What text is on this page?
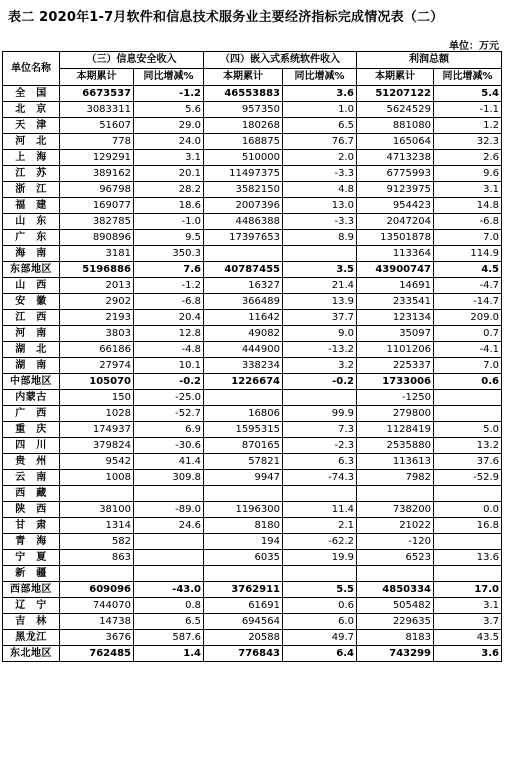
表二 2020年1-7月软件和信息技术服务业主要经济指标完成情况表（二）
单位：万元
单位名称	（三）信息安全收入		（四）嵌入式系统软件收入		利润总额	
	本期累计	同比增减%	本期累计	同比增减%	本期累计	同比增减%
全　国	6673537	-1.2	46553883	3.6	51207122	5.4
北　京	3083311	5.6	957350	1.0	5624529	-1.1
天　津	51607	29.0	180268	6.5	881080	1.2
河　北	778	24.0	168875	76.7	165064	32.3
上　海	129291	3.1	510000	2.0	4713238	2.6
江　苏	389162	20.1	11497375	-3.3	6775993	9.6
浙　江	96798	28.2	3582150	4.8	9123975	3.1
福　建	169077	18.6	2007396	13.0	954423	14.8
山　东	382785	-1.0	4486388	-3.3	2047204	-6.8
广　东	890896	9.5	17397653	8.9	13501878	7.0
海　南	3181	350.3			113364	114.9
东部地区	5196886	7.6	40787455	3.5	43900747	4.5
山　西	2013	-1.2	16327	21.4	14691	-4.7
安　徽	2902	-6.8	366489	13.9	233541	-14.7
江　西	2193	20.4	11642	37.7	123134	209.0
河　南	3803	12.8	49082	9.0	35097	0.7
湖　北	66186	-4.8	444900	-13.2	1101206	-4.1
湖　南	27974	10.1	338234	3.2	225337	7.0
中部地区	105070	-0.2	1226674	-0.2	1733006	0.6
内蒙古	150	-25.0			-1250	
广　西	1028	-52.7	16806	99.9	279800	
重　庆	174937	6.9	1595315	7.3	1128419	5.0
四　川	379824	-30.6	870165	-2.3	2535880	13.2
贵　州	9542	41.4	57821	6.3	113613	37.6
云　南	1008	309.8	9947	-74.3	7982	-52.9
西　藏						
陕　西	38100	-89.0	1196300	11.4	738200	0.0
甘　肃	1314	24.6	8180	2.1	21022	16.8
青　海	582		194	-62.2	-120	
宁　夏	863		6035	19.9	6523	13.6
新　疆						
西部地区	609096	-43.0	3762911	5.5	4850334	17.0
辽　宁	744070	0.8	61691	0.6	505482	3.1
吉　林	14738	6.5	694564	6.0	229635	3.7
黑龙江	3676	587.6	20588	49.7	8183	43.5
东北地区	762485	1.4	776843	6.4	743299	3.6
